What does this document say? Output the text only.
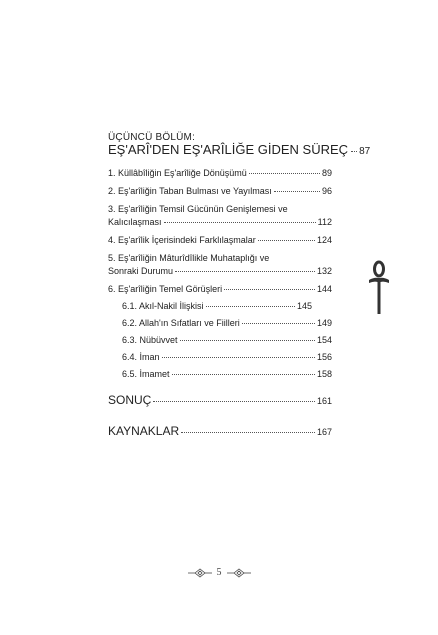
ÜÇÜNCÜ BÖLÜM:
EŞ'ARÎ'DEN EŞ'ARÎLİĞE GİDEN SÜREÇ 87
1. Küllâbîliğin Eş'arîliğe Dönüşümü	89
2. Eş'arîliğin Taban Bulması ve Yayılması	96
3. Eş'arîliğin Temsil Gücünün Genişlemesi ve
Kalıcılaşması	112
4. Eş'arîlik İçerisindeki Farklılaşmalar	124
5. Eş'arîliğin Mâturîdîlikle Muhataplığı ve
Sonraki Durumu	132
6. Eş'arîliğin Temel Görüşleri	144
6.1. Akıl-Nakil İlişkisi	145
6.2. Allah'ın Sıfatları ve Fiilleri	149
6.3. Nübüvvet	154
6.4. İman	156
6.5. İmamet	158
SONUÇ	161
KAYNAKLAR	167
5
